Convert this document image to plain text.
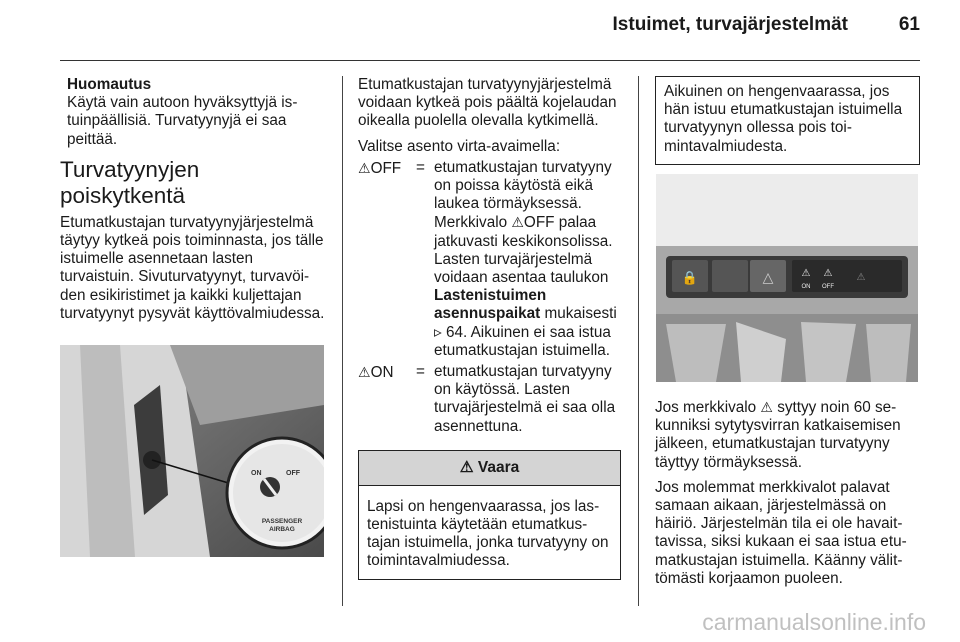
Istuimet, turvajärjestelmät	61

Huomautus

Käytä vain autoon hyväksyttyjä istuinpäällisiä. Turvatyynyjä ei saa peittää.

Turvatyynyjen poiskytkentä

Etumatkustajan turvatyynyjärjestelmä täytyy kytkeä pois toiminnasta, jos tälle istuimelle asennetaan lasten turvaistuin. Sivuturvatyynyt, turvavöiden esikiristimet ja kaikki kuljettajan turvatyynyt pysyvät käyttövalmiudessa.

ON	OFF
PASSENGER
AIRBAG

Etumatkustajan turvatyynyjärjestelmä voidaan kytkeä pois päältä kojelaudan oikealla puolella olevalla kytkimellä.

Valitse asento virta-avaimella:

⚠OFF = etumatkustajan turvatyyny on poissa käytöstä eikä laukea törmäyksessä. Merkkivalo ⚠OFF palaa jatkuvasti keskikonsolissa. Lasten turvajärjestelmä voidaan asentaa taulukon Lastenistuimen asennuspaikat mukaisesti ▹ 64. Aikuinen ei saa istua etumatkustajan istuimella.
⚠ON	= etumatkustajan turvatyyny on käytössä. Lasten turvajärjestelmä ei saa olla asennettuna.
⚠ Vaara
Lapsi on hengenvaarassa, jos lastenistuinta käytetään etumatkustajan istuimella, jonka turvatyyny on toimintavalmiudessa.
Aikuinen on hengenvaarassa, jos hän istuu etumatkustajan istuimella turvatyynyn ollessa pois toimintavalmiudesta.
🔒	△	⚠
ON
⚠
OFF
⚠

Jos merkkivalo ⚠ syttyy noin 60 sekunniksi sytytysvirran katkaisemisen jälkeen, etumatkustajan turvatyyny täyttyy törmäyksessä.

Jos molemmat merkkivalot palavat samaan aikaan, järjestelmässä on häiriö. Järjestelmän tila ei ole havaittavissa, siksi kukaan ei saa istua etumatkustajan istuimella. Käänny välittömästi korjaamon puoleen.

carmanualsonline.info
